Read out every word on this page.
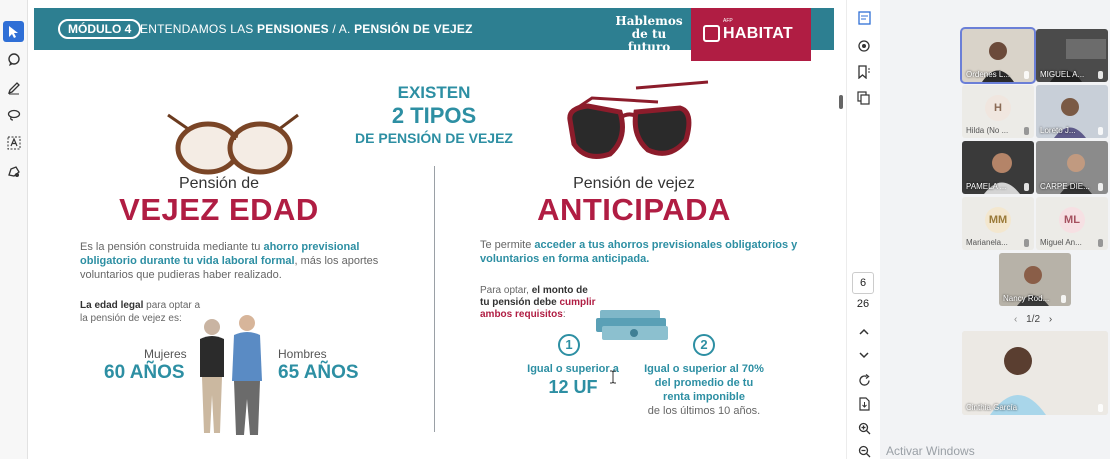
MÓDULO 4 ENTENDAMOS LAS PENSIONES / A. PENSIÓN DE VEJEZ
Hablemos
de tu futuro
AFP
HABITAT
EXISTEN
2 TIPOS
DE PENSIÓN DE VEJEZ
Pensión de
VEJEZ EDAD
Es la pensión construida mediante tu ahorro previsional obligatorio durante tu vida laboral formal, más los aportes voluntarios que pudieras haber realizado.
La edad legal para optar a la pensión de vejez es:
Mujeres
60 AÑOS
Hombres
65 AÑOS
Pensión de vejez
ANTICIPADA
Te permite acceder a tus ahorros previsionales obligatorios y voluntarios en forma anticipada.
Para optar, el monto de tu pensión debe cumplir ambos requisitos:
1
Igual o superior a
12 UF
2
Igual o superior al 70% del promedio de tu renta imponible
de los últimos 10 años.
6
26
Ordenes L...	MIGUEL A...
H
Hilda (No ...	Loreto J...
PAMELA ...	CARPE DIE...
MM
Marianela...
ML
Miguel An...
Nancy Rod...
‹ 1/2 ›
Cinthia García
Activar Windows
